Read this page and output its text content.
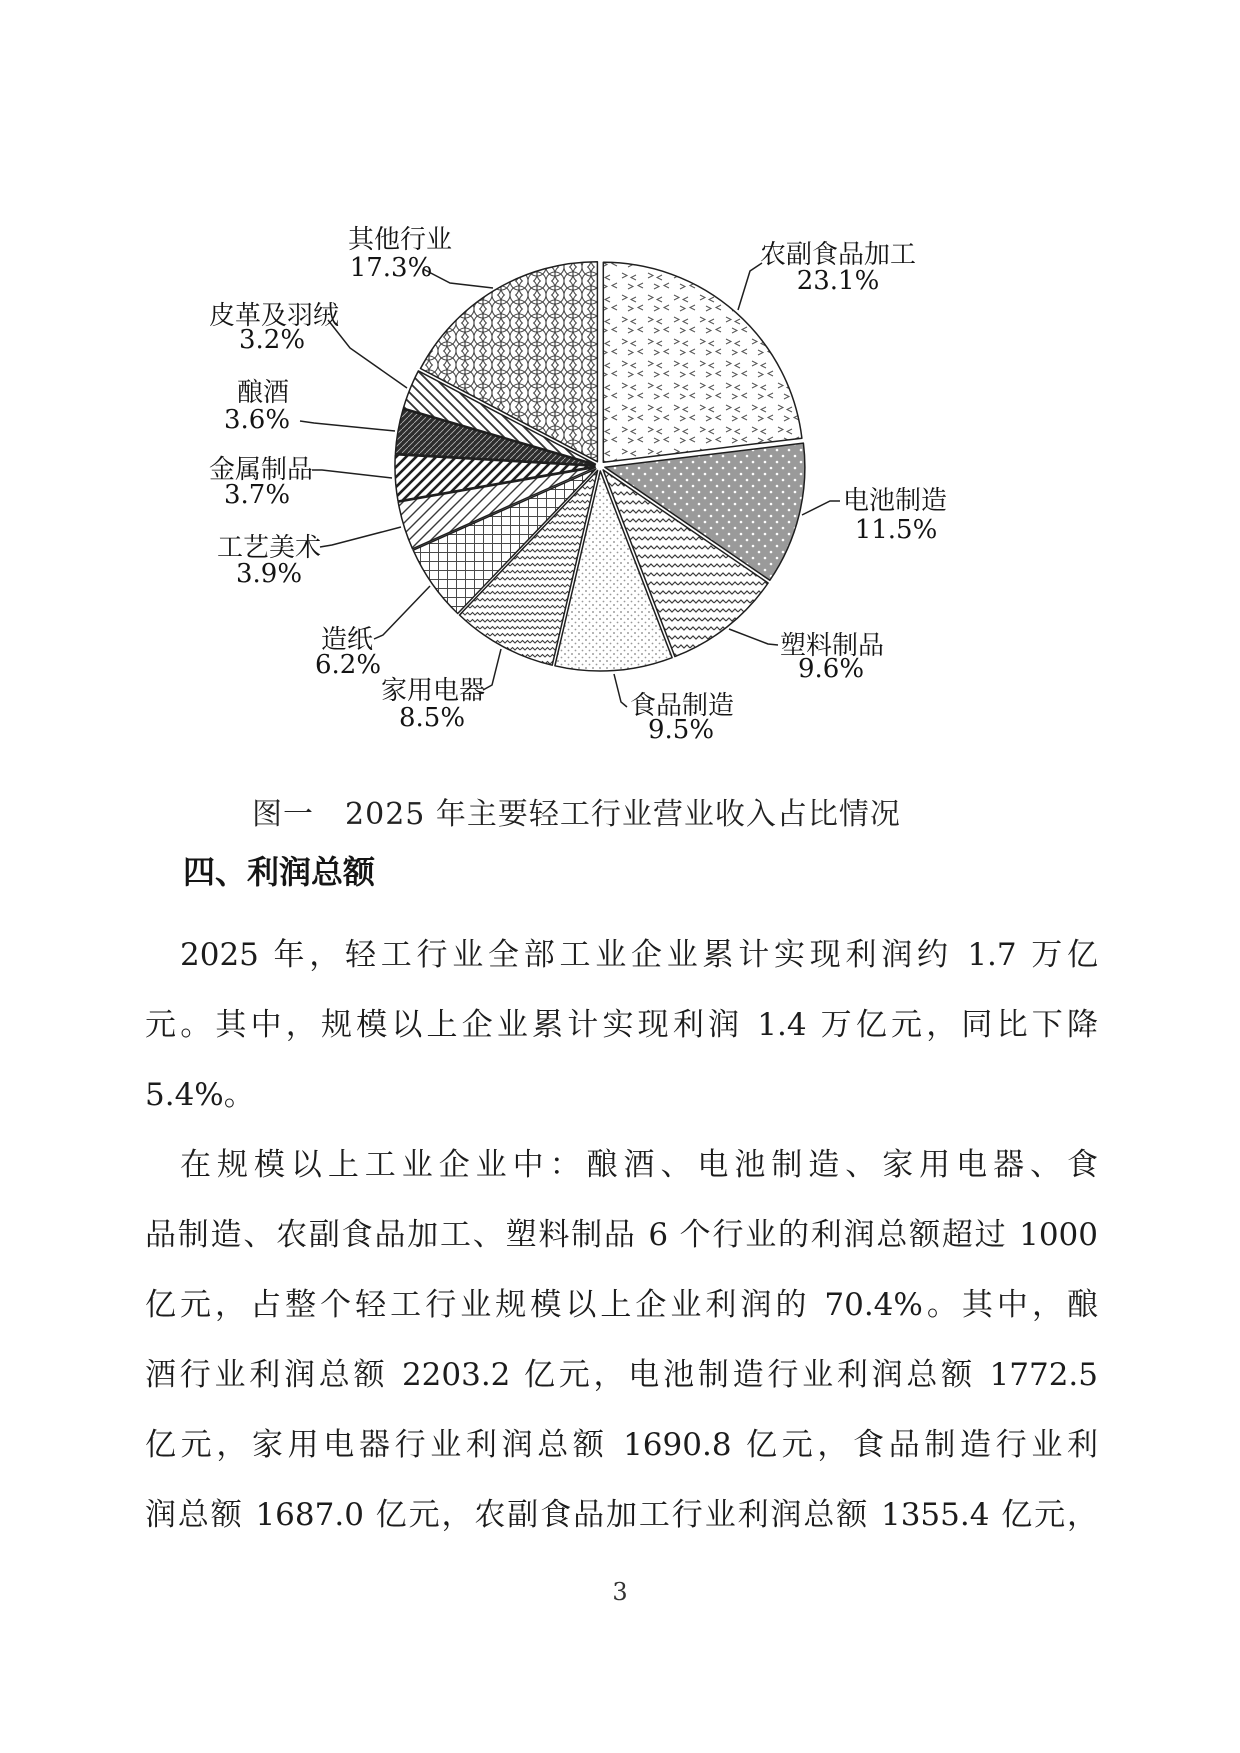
农副食品加工
23.1%
电池制造
11.5%
塑料制品
9.6%
食品制造
9.5%
家用电器
8.5%
造纸
6.2%
工艺美术
3.9%
金属制品
3.7%
酿酒
3.6%
皮革及羽绒
3.2%
其他行业
17.3%
图一　2025 年主要轻工行业营业收入占比情况
四、利润总额
2025 年，轻工行业全部工业企业累计实现利润约 1.7 万亿
元。其中，规模以上企业累计实现利润 1.4 万亿元，同比下降
5.4%。
在规模以上工业企业中：酿酒、电池制造、家用电器、食
品制造、农副食品加工、塑料制品 6 个行业的利润总额超过 1000
亿元，占整个轻工行业规模以上企业利润的 70.4%。其中，酿
酒行业利润总额 2203.2 亿元，电池制造行业利润总额 1772.5
亿元，家用电器行业利润总额 1690.8 亿元，食品制造行业利
润总额 1687.0 亿元，农副食品加工行业利润总额 1355.4 亿元，
3
